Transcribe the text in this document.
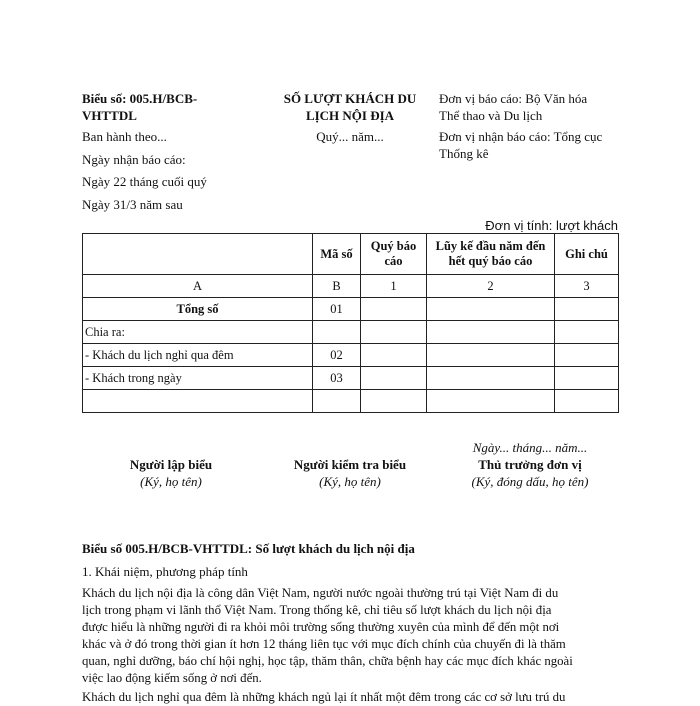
Biểu số: 005.H/BCB-
VHTTDL
Ban hành theo...
Ngày nhận báo cáo:
Ngày 22 tháng cuối quý
Ngày 31/3 năm sau
SỐ LƯỢT KHÁCH DU
LỊCH NỘI ĐỊA
Quý... năm...
Đơn vị báo cáo: Bộ Văn hóa
Thể thao và Du lịch
Đơn vị nhận báo cáo: Tổng cục
Thống kê
Đơn vị tính: lượt khách
	Mã số	Quý báo cáo	Lũy kế đầu năm đến hết quý báo cáo	Ghi chú
A	B	1	2	3
Tổng số	01			
Chia ra:				
- Khách du lịch nghỉ qua đêm	02			
- Khách trong ngày	03			

Người lập biểu
(Ký, họ tên)
Người kiểm tra biểu
(Ký, họ tên)
Ngày... tháng... năm...
Thủ trưởng đơn vị
(Ký, đóng dấu, họ tên)
Biểu số 005.H/BCB-VHTTDL: Số lượt khách du lịch nội địa
1. Khái niệm, phương pháp tính

Khách du lịch nội địa là công dân Việt Nam, người nước ngoài thường trú tại Việt Nam đi du

lịch trong phạm vi lãnh thổ Việt Nam. Trong thống kê, chỉ tiêu số lượt khách du lịch nội địa

được hiểu là những người đi ra khỏi môi trường sống thường xuyên của mình để đến một nơi

khác và ở đó trong thời gian ít hơn 12 tháng liên tục với mục đích chính của chuyến đi là thăm

quan, nghỉ dưỡng, báo chí hội nghị, học tập, thăm thân, chữa bệnh hay các mục đích khác ngoài

việc lao động kiếm sống ở nơi đến.

Khách du lịch nghỉ qua đêm là những khách ngủ lại ít nhất một đêm trong các cơ sở lưu trú du
